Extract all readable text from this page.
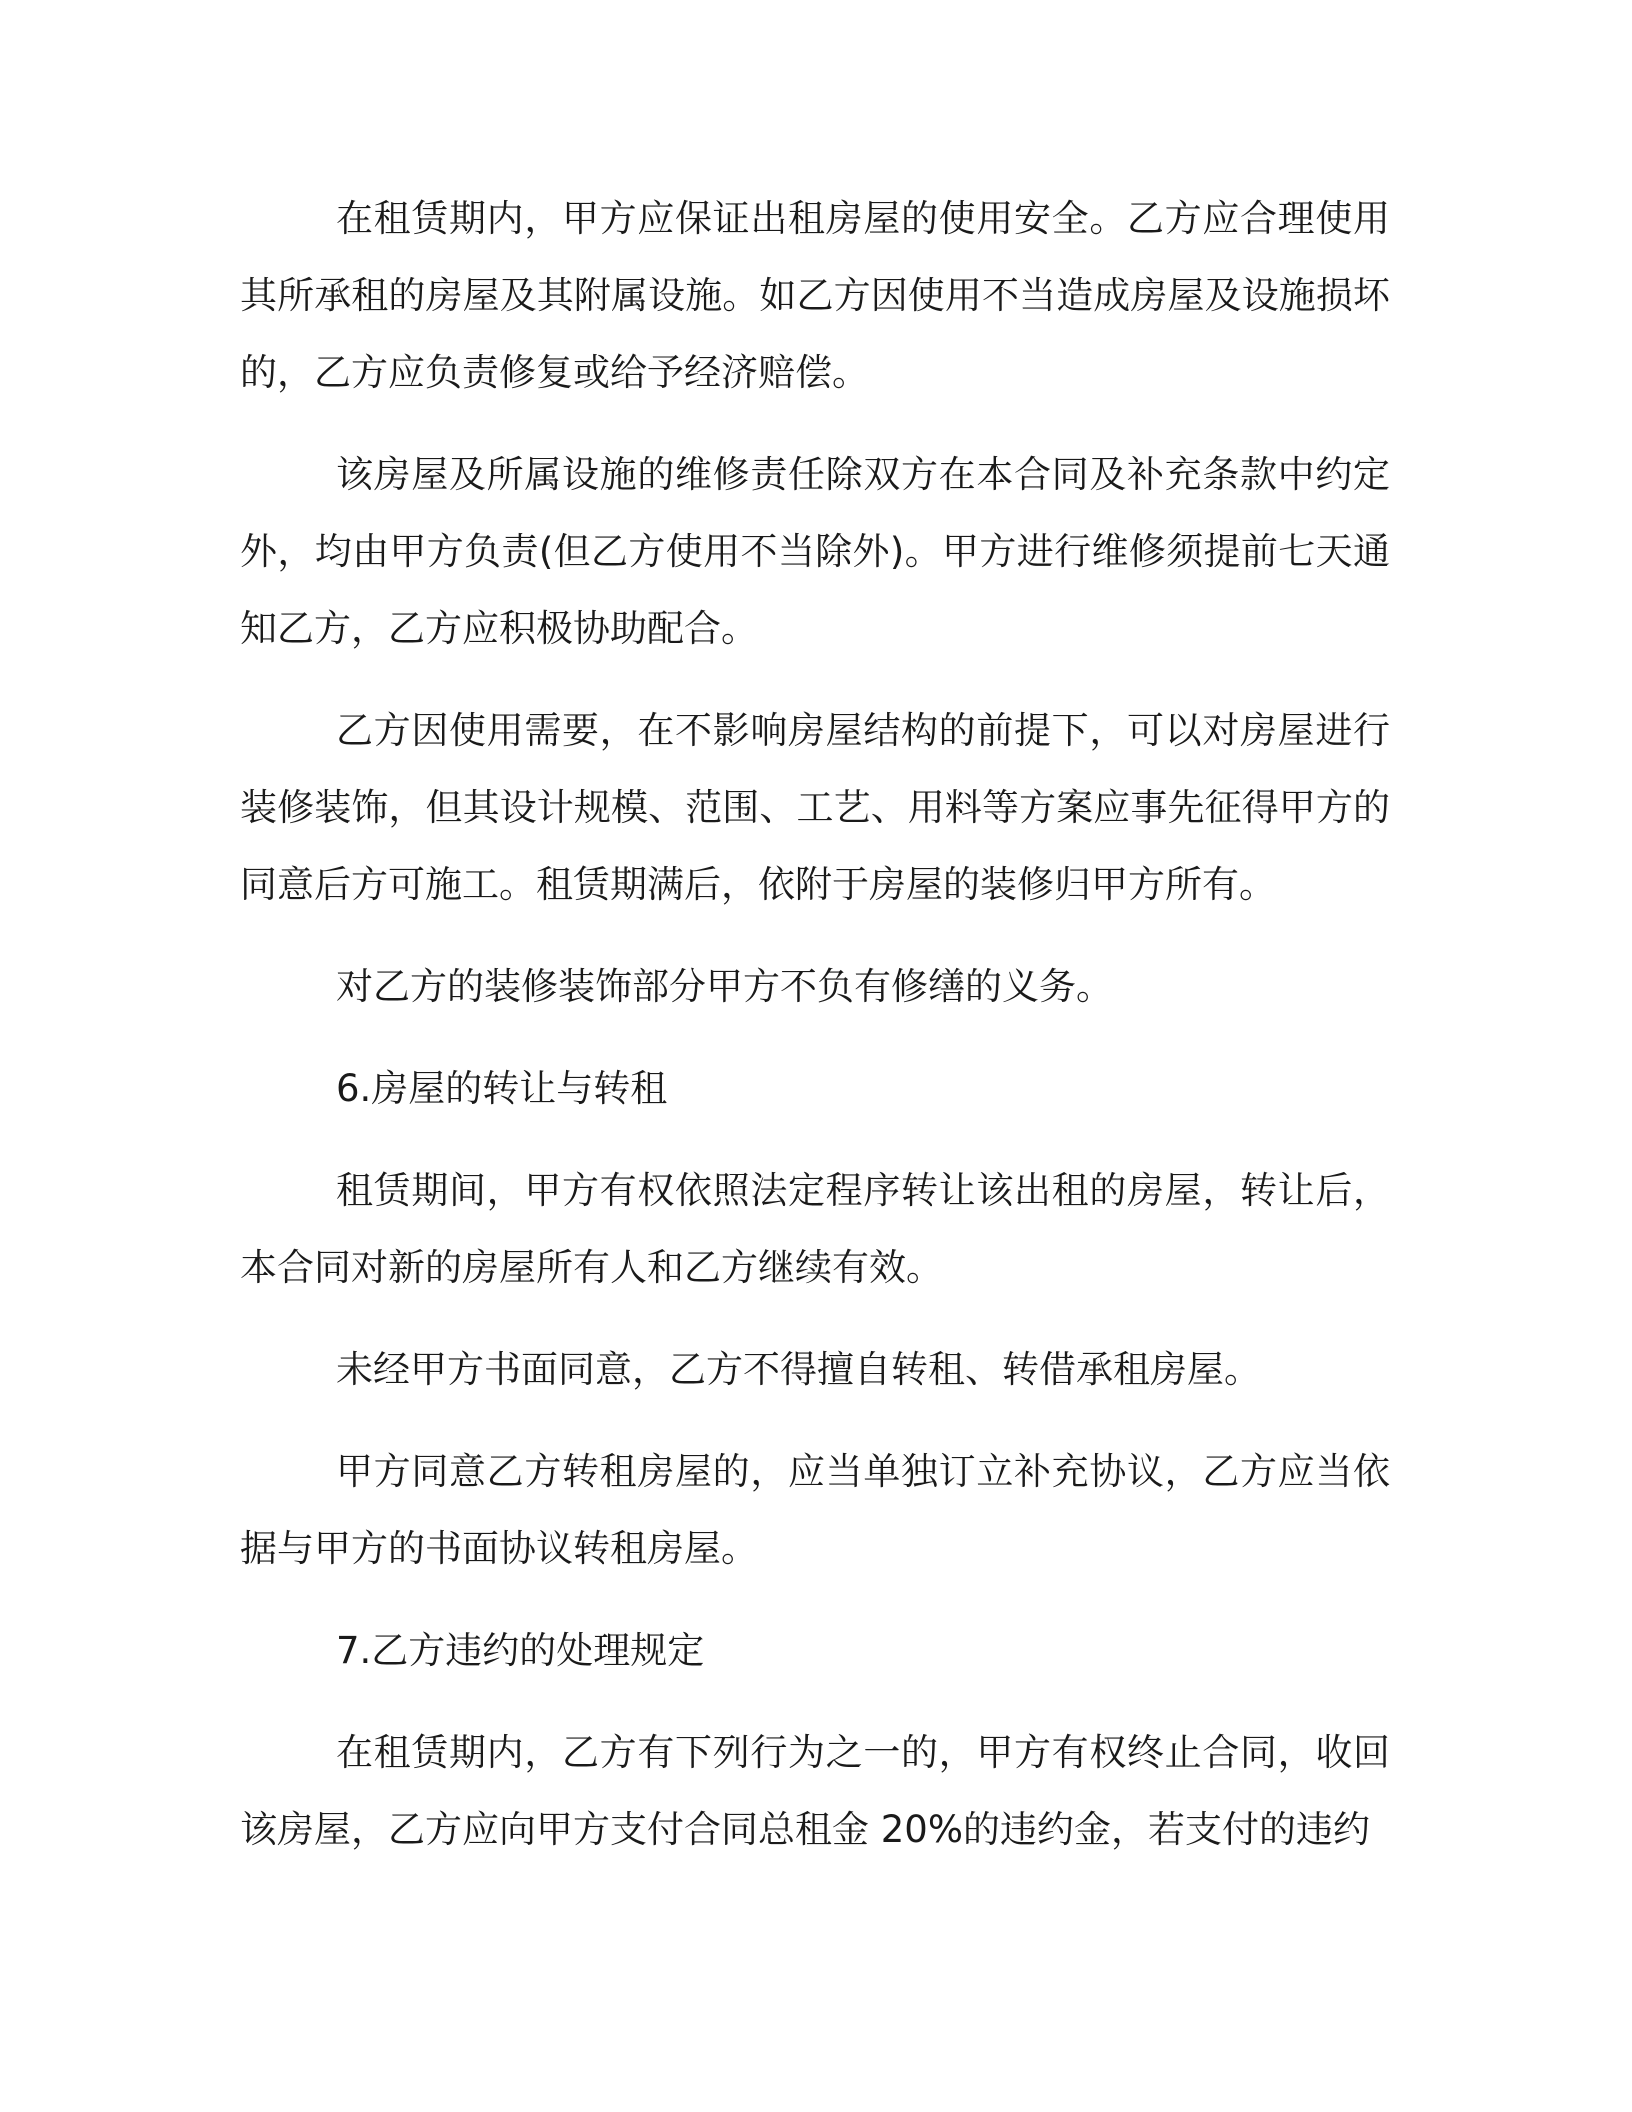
在租赁期内，甲方应保证出租房屋的使用安全。乙方应合理使用其所承租的房屋及其附属设施。如乙方因使用不当造成房屋及设施损坏的，乙方应负责修复或给予经济赔偿。

该房屋及所属设施的维修责任除双方在本合同及补充条款中约定外，均由甲方负责(但乙方使用不当除外)。甲方进行维修须提前七天通知乙方，乙方应积极协助配合。

乙方因使用需要，在不影响房屋结构的前提下，可以对房屋进行装修装饰，但其设计规模、范围、工艺、用料等方案应事先征得甲方的同意后方可施工。租赁期满后，依附于房屋的装修归甲方所有。

对乙方的装修装饰部分甲方不负有修缮的义务。

6.房屋的转让与转租

租赁期间，甲方有权依照法定程序转让该出租的房屋，转让后，本合同对新的房屋所有人和乙方继续有效。

未经甲方书面同意，乙方不得擅自转租、转借承租房屋。

甲方同意乙方转租房屋的，应当单独订立补充协议，乙方应当依据与甲方的书面协议转租房屋。

7.乙方违约的处理规定

在租赁期内，乙方有下列行为之一的，甲方有权终止合同，收回该房屋，乙方应向甲方支付合同总租金 20%的违约金，若支付的违约
